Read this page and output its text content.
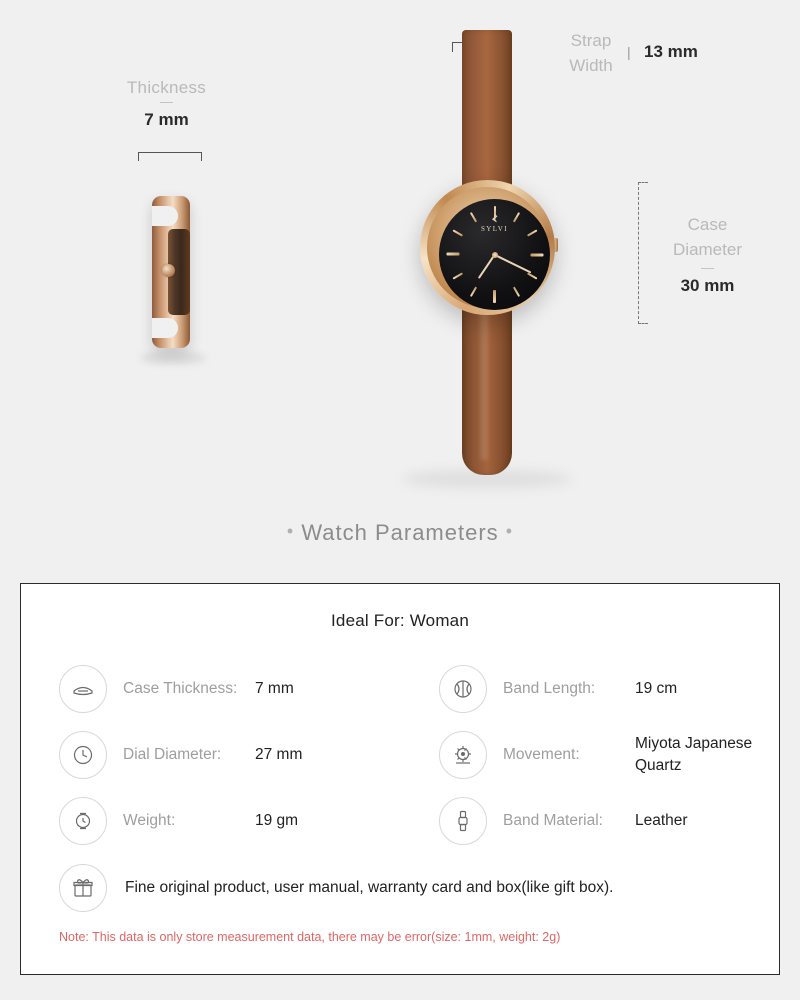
Thickness
7 mm
Strap Width
| 13 mm
Case Diameter
30 mm
SYLVI
• Watch Parameters •
Ideal For: Woman
Case Thickness: 7 mm	Band Length:	19 cm
Dial Diameter:	27 mm	Movement:
Miyota Japanese Quartz
Weight:	19 gm	Band Material:	Leather
Fine original product, user manual, warranty card and box(like gift box).
Note: This data is only store measurement data, there may be error(size: 1mm, weight: 2g)
